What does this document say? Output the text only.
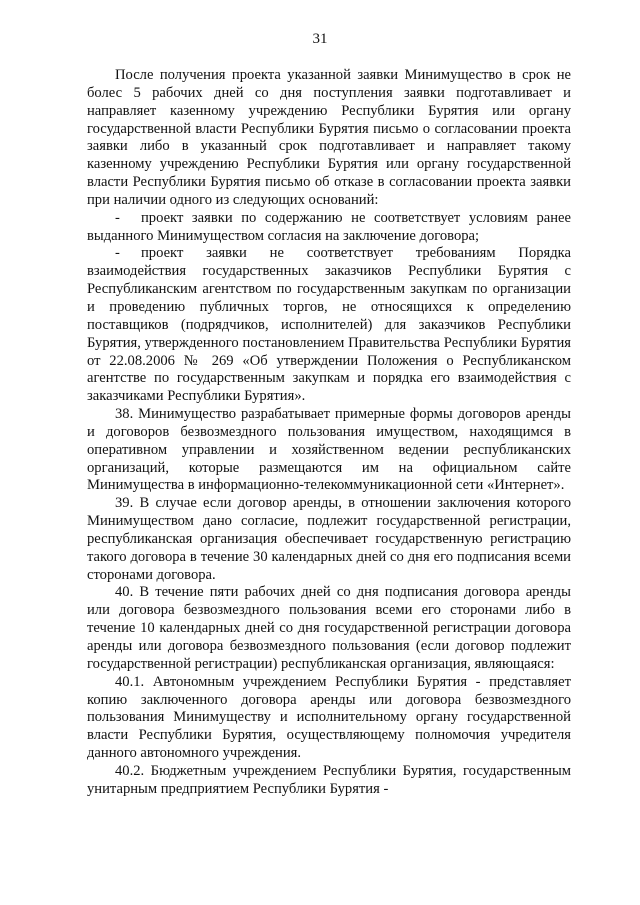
31

После получения проекта указанной заявки Минимущество в срок не болес 5 рабочих дней со дня поступления заявки подготавливает и направляет казенному учреждению Республики Бурятия или органу государственной власти Республики Бурятия письмо о согласовании проекта заявки либо в указанный срок подготавливает и направляет такому казенному учреждению Республики Бурятия или органу государственной власти Республики Бурятия письмо об отказе в согласовании проекта заявки при наличии одного из следующих оснований:

- проект заявки по содержанию не соответствует условиям ранее выданного Минимуществом согласия на заключение договора;

- проект заявки не соответствует требованиям Порядка взаимодействия государственных заказчиков Республики Бурятия с Республиканским агентством по государственным закупкам по организации и проведению публичных торгов, не относящихся к определению поставщиков (подрядчиков, исполнителей) для заказчиков Республики Бурятия, утвержденного постановлением Правительства Республики Бурятия от 22.08.2006 № 269 «Об утверждении Положения о Республиканском агентстве по государственным закупкам и порядка его взаимодействия с заказчиками Республики Бурятия».

38. Минимущество разрабатывает примерные формы договоров аренды и договоров безвозмездного пользования имуществом, находящимся в оперативном управлении и хозяйственном ведении республиканских организаций, которые размещаются им на официальном сайте Минимущества в информационно-телекоммуникационной сети «Интернет».

39. В случае если договор аренды, в отношении заключения которого Минимуществом дано согласие, подлежит государственной регистрации, республиканская организация обеспечивает государственную регистрацию такого договора в течение 30 календарных дней со дня его подписания всеми сторонами договора.

40. В течение пяти рабочих дней со дня подписания договора аренды или договора безвозмездного пользования всеми его сторонами либо в течение 10 календарных дней со дня государственной регистрации договора аренды или договора безвозмездного пользования (если договор подлежит государственной регистрации) республиканская организация, являющаяся:

40.1. Автономным учреждением Республики Бурятия - представляет копию заключенного договора аренды или договора безвозмездного пользования Минимуществу и исполнительному органу государственной власти Республики Бурятия, осуществляющему полномочия учредителя данного автономного учреждения.

40.2. Бюджетным учреждением Республики Бурятия, государственным унитарным предприятием Республики Бурятия -
